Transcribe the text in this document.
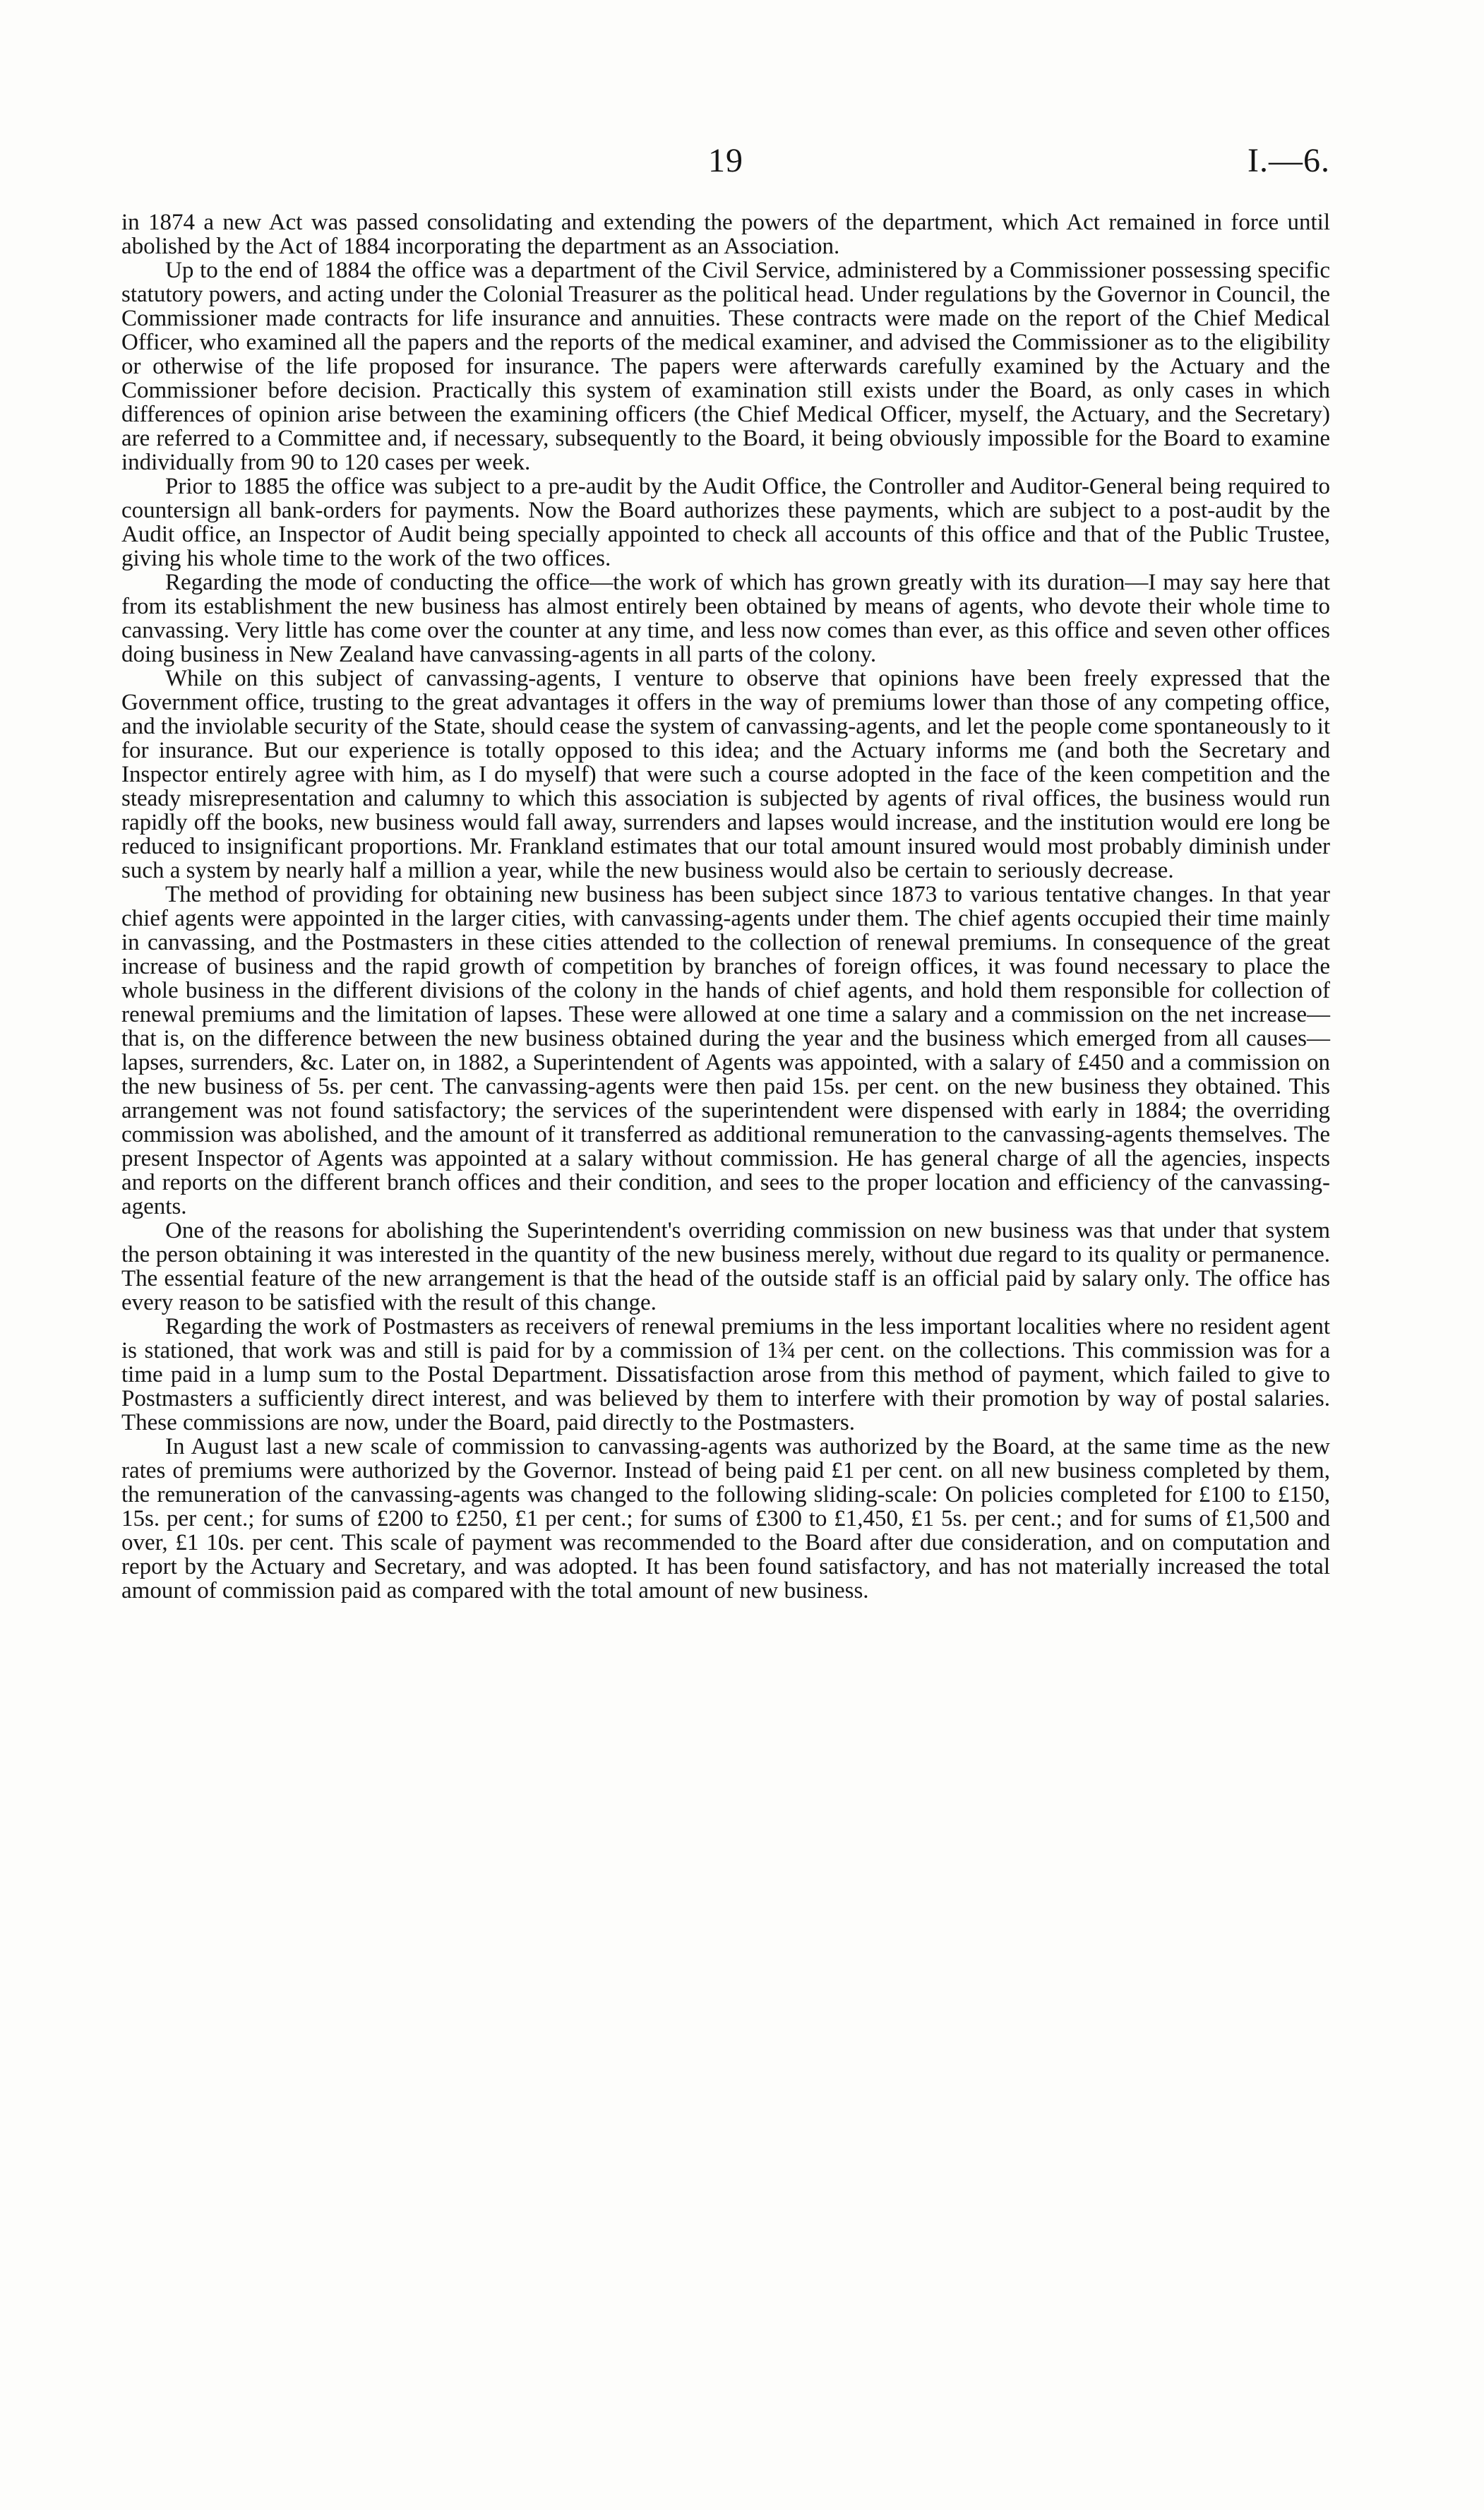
19	I.—6.

in 1874 a new Act was passed consolidating and extending the powers of the department, which Act remained in force until abolished by the Act of 1884 incorporating the department as an Association.

Up to the end of 1884 the office was a department of the Civil Service, administered by a Commissioner possessing specific statutory powers, and acting under the Colonial Treasurer as the political head. Under regulations by the Governor in Council, the Commissioner made contracts for life insurance and annuities. These contracts were made on the report of the Chief Medical Officer, who examined all the papers and the reports of the medical examiner, and advised the Commissioner as to the eligibility or otherwise of the life proposed for insurance. The papers were afterwards carefully examined by the Actuary and the Commissioner before decision. Practically this system of examination still exists under the Board, as only cases in which differences of opinion arise between the examining officers (the Chief Medical Officer, myself, the Actuary, and the Secretary) are referred to a Committee and, if necessary, subsequently to the Board, it being obviously impossible for the Board to examine individually from 90 to 120 cases per week.

Prior to 1885 the office was subject to a pre-audit by the Audit Office, the Controller and Auditor-General being required to countersign all bank-orders for payments. Now the Board authorizes these payments, which are subject to a post-audit by the Audit office, an Inspector of Audit being specially appointed to check all accounts of this office and that of the Public Trustee, giving his whole time to the work of the two offices.

Regarding the mode of conducting the office—the work of which has grown greatly with its duration—I may say here that from its establishment the new business has almost entirely been obtained by means of agents, who devote their whole time to canvassing. Very little has come over the counter at any time, and less now comes than ever, as this office and seven other offices doing business in New Zealand have canvassing-agents in all parts of the colony.

While on this subject of canvassing-agents, I venture to observe that opinions have been freely expressed that the Government office, trusting to the great advantages it offers in the way of premiums lower than those of any competing office, and the inviolable security of the State, should cease the system of canvassing-agents, and let the people come spontaneously to it for insurance. But our experience is totally opposed to this idea; and the Actuary informs me (and both the Secretary and Inspector entirely agree with him, as I do myself) that were such a course adopted in the face of the keen competition and the steady misrepresentation and calumny to which this association is subjected by agents of rival offices, the business would run rapidly off the books, new business would fall away, surrenders and lapses would increase, and the institution would ere long be reduced to insignificant proportions. Mr. Frankland estimates that our total amount insured would most probably diminish under such a system by nearly half a million a year, while the new business would also be certain to seriously decrease.

The method of providing for obtaining new business has been subject since 1873 to various tentative changes. In that year chief agents were appointed in the larger cities, with canvassing-agents under them. The chief agents occupied their time mainly in canvassing, and the Postmasters in these cities attended to the collection of renewal premiums. In consequence of the great increase of business and the rapid growth of competition by branches of foreign offices, it was found necessary to place the whole business in the different divisions of the colony in the hands of chief agents, and hold them responsible for collection of renewal premiums and the limitation of lapses. These were allowed at one time a salary and a commission on the net increase—that is, on the difference between the new business obtained during the year and the business which emerged from all causes—lapses, surrenders, &c. Later on, in 1882, a Superintendent of Agents was appointed, with a salary of £450 and a commission on the new business of 5s. per cent. The canvassing-agents were then paid 15s. per cent. on the new business they obtained. This arrangement was not found satisfactory; the services of the superintendent were dispensed with early in 1884; the overriding commission was abolished, and the amount of it transferred as additional remuneration to the canvassing-agents themselves. The present Inspector of Agents was appointed at a salary without commission. He has general charge of all the agencies, inspects and reports on the different branch offices and their condition, and sees to the proper location and efficiency of the canvassing-agents.

One of the reasons for abolishing the Superintendent's overriding commission on new business was that under that system the person obtaining it was interested in the quantity of the new business merely, without due regard to its quality or permanence. The essential feature of the new arrangement is that the head of the outside staff is an official paid by salary only. The office has every reason to be satisfied with the result of this change.

Regarding the work of Postmasters as receivers of renewal premiums in the less important localities where no resident agent is stationed, that work was and still is paid for by a commission of 1¾ per cent. on the collections. This commission was for a time paid in a lump sum to the Postal Department. Dissatisfaction arose from this method of payment, which failed to give to Postmasters a sufficiently direct interest, and was believed by them to interfere with their promotion by way of postal salaries. These commissions are now, under the Board, paid directly to the Postmasters.

In August last a new scale of commission to canvassing-agents was authorized by the Board, at the same time as the new rates of premiums were authorized by the Governor. Instead of being paid £1 per cent. on all new business completed by them, the remuneration of the canvassing-agents was changed to the following sliding-scale: On policies completed for £100 to £150, 15s. per cent.; for sums of £200 to £250, £1 per cent.; for sums of £300 to £1,450, £1 5s. per cent.; and for sums of £1,500 and over, £1 10s. per cent. This scale of payment was recommended to the Board after due consideration, and on computation and report by the Actuary and Secretary, and was adopted. It has been found satisfactory, and has not materially increased the total amount of commission paid as compared with the total amount of new business.
